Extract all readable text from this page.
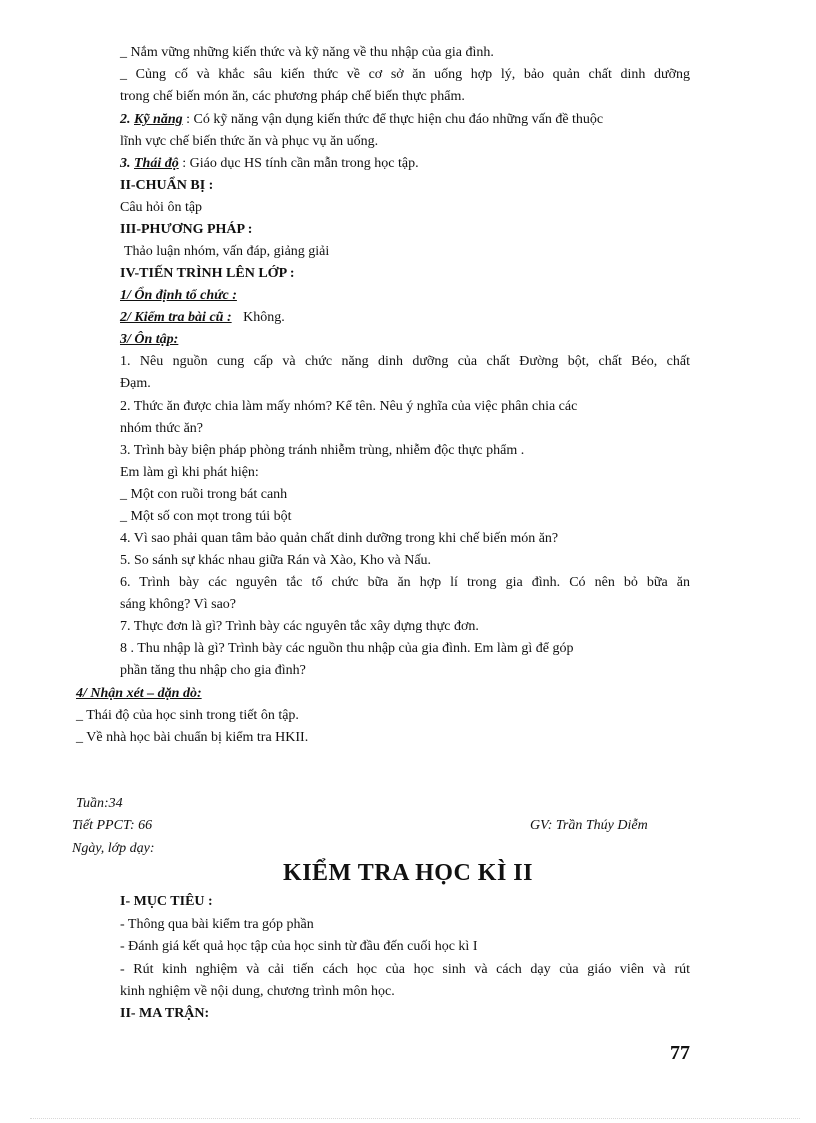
_ Nắm vững những kiến thức và kỹ năng về thu nhập của gia đình.
_ Củng cố và khắc sâu kiến thức về cơ sở ăn uống hợp lý, bảo quản chất dinh dưỡng
trong chế biến món ăn, các phương pháp chế biến thực phẩm.
2. Kỹ năng : Có kỹ năng vận dụng kiến thức để thực hiện chu đáo những vấn đề thuộc
lĩnh vực chế biến thức ăn và phục vụ ăn uống.
3. Thái độ : Giáo dục HS tính cần mẫn trong học tập.
II-CHUẨN BỊ :
Câu hỏi ôn tập
III-PHƯƠNG PHÁP :
Thảo luận nhóm, vấn đáp, giảng giải
IV-TIẾN TRÌNH LÊN LỚP :
1/ Ổn định tổ chức :
2/ Kiểm tra bài cũ : Không.
3/ Ôn tập:
1. Nêu nguồn cung cấp và chức năng dinh dưỡng của chất Đường bột, chất Béo, chất
Đạm.
2. Thức ăn được chia làm mấy nhóm? Kể tên. Nêu ý nghĩa của việc phân chia các
nhóm thức ăn?
3. Trình bày biện pháp phòng tránh nhiễm trùng, nhiễm độc thực phẩm .
Em làm gì khi phát hiện:
_ Một con ruồi trong bát canh
_ Một số con mọt trong túi bột
4. Vì sao phải quan tâm bảo quản chất dinh dưỡng trong khi chế biến món ăn?
5. So sánh sự khác nhau giữa Rán và Xào, Kho và Nấu.
6. Trình bày các nguyên tắc tổ chức bữa ăn hợp lí trong gia đình. Có nên bỏ bữa ăn
sáng không? Vì sao?
7. Thực đơn là gì? Trình bày các nguyên tắc xây dựng thực đơn.
8 . Thu nhập là gì? Trình bày các nguồn thu nhập của gia đình. Em làm gì để góp
phần tăng thu nhập cho gia đình?
4/ Nhận xét – dặn dò:
_ Thái độ của học sinh trong tiết ôn tập.
_ Về nhà học bài chuẩn bị kiểm tra HKII.
Tuần:34
Tiết PPCT: 66	GV: Trần Thúy Diễm
Ngày, lớp dạy:
KIỂM TRA HỌC KÌ II
I- MỤC TIÊU :
- Thông qua bài kiểm tra góp phần
- Đánh giá kết quả học tập của học sinh từ đầu đến cuối học kì I
- Rút kinh nghiệm và cải tiến cách học của học sinh và cách dạy của giáo viên và rút
kinh nghiệm về nội dung, chương trình môn học.
II- MA TRẬN:
77
